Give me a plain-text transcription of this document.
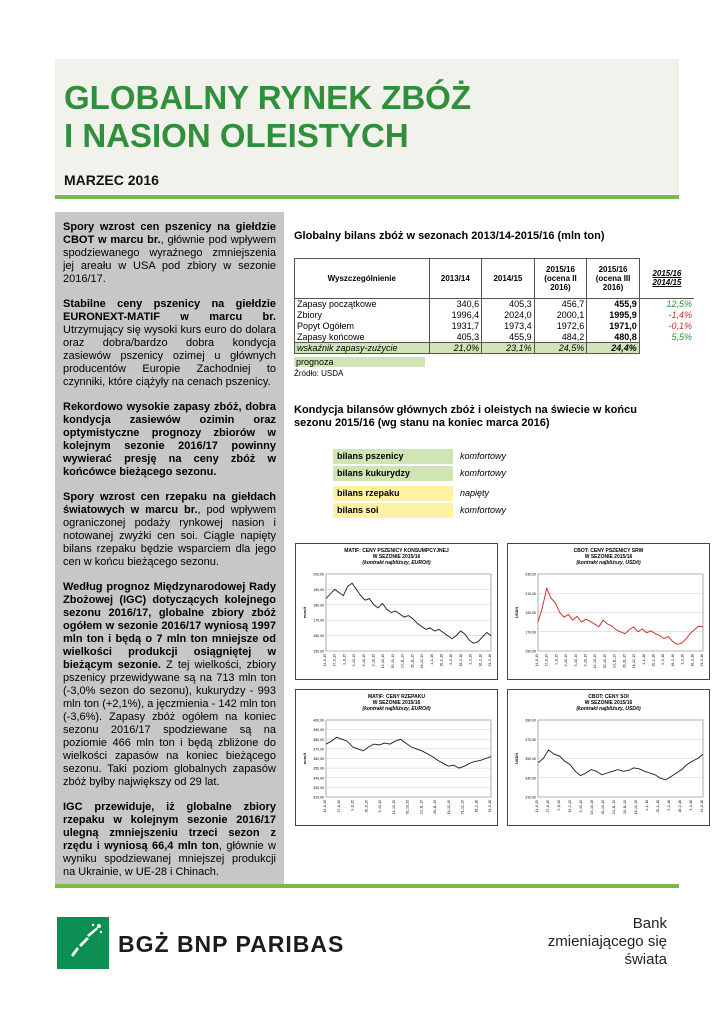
GLOBALNY RYNEK ZBÓŻ
I NASION OLEISTYCH
MARZEC 2016

Spory wzrost cen pszenicy na giełdzie CBOT w marcu br., głównie pod wpływem spodziewanego wyraźnego zmniejszenia jej areału w USA pod zbiory w sezonie 2016/17.

Stabilne ceny pszenicy na giełdzie EURONEXT-MATIF w marcu br. Utrzymujący się wysoki kurs euro do dolara oraz dobra/bardzo dobra kondycja zasiewów pszenicy ozimej u głównych producentów Europie Zachodniej to czynniki, które ciążyły na cenach pszenicy.

Rekordowo wysokie zapasy zbóż, dobra kondycja zasiewów ozimin oraz optymistyczne prognozy zbiorów w kolejnym sezonie 2016/17 powinny wywierać presję na ceny zbóż w końcówce bieżącego sezonu.

Spory wzrost cen rzepaku na giełdach światowych w marcu br., pod wpływem ograniczonej podaży rynkowej nasion i notowanej zwyżki cen soi. Ciągle napięty bilans rzepaku będzie wsparciem dla jego cen w końcu bieżącego sezonu.

Według prognoz Międzynarodowej Rady Zbożowej (IGC) dotyczących kolejnego sezonu 2016/17, globalne zbiory zbóż ogółem w sezonie 2016/17 wyniosą 1997 mln ton i będą o 7 mln ton mniejsze od wielkości produkcji osiągniętej w bieżącym sezonie. Z tej wielkości, zbiory pszenicy przewidywane są na 713 mln ton (-3,0% sezon do sezonu), kukurydzy - 993 mln ton (+2,1%), a jęczmienia - 142 mln ton (-3,6%). Zapasy zbóż ogółem na koniec sezonu 2016/17 spodziewane są na poziomie 466 mln ton i będą zbliżone do wielkości zapasów na koniec bieżącego sezonu. Taki poziom globalnych zapasów zbóż byłby największy od 29 lat.

IGC przewiduje, iż globalne zbiory rzepaku w kolejnym sezonie 2016/17 ulegną zmniejszeniu trzeci sezon z rzędu i wyniosą 66,4 mln ton, głównie w wyniku spodziewanej mniejszej produkcji na Ukrainie, w UE-28 i Chinach.

Globalny bilans zbóż w sezonach 2013/14-2015/16 (mln ton)
Wyszczególnienie	2013/14	2014/15	2015/16 (ocena II 2016)	2015/16 (ocena III 2016)	2015/16 2014/15
Zapasy początkowe	340,6	405,3	456,7	455,9	12,5%
Zbiory	1996,4	2024,0	2000,1	1995,9	-1,4%
Popyt Ogółem	1931,7	1973,4	1972,6	1971,0	-0,1%
Zapasy końcowe	405,3	455,9	484,2	480,8	5,5%
wskaźnik zapasy-zużycie	21,0%	23,1%	24,5%	24,4%	
prognoza
Źródło: USDA
Kondycja bilansów głównych zbóż i oleistych na świecie w końcu sezonu 2015/16 (wg stanu na koniec marca 2016)
bilans pszenicy	komfortowy
bilans kukurydzy	komfortowy
bilans rzepaku	napięty
bilans soi	komfortowy
200,00
190,00
180,00
170,00
160,00
150,00
euro/t
14.,6.,15 27.,6.,15 9.,8.,15 9.,10.,15 5.,10.,15 3.,10.,15 15.,10.,15 30.,10.,15 13.,11.,15 26.,11.,15 16.,12.,15 4.,1.,16 20.,1.,16 5.,2.,16 18.,2.,16 3.,3.,16 16.,3.,16 31.,3.,16
MATIF: CENY PSZENICY KONSUMPCYJNEJ
W SEZONIE 2015/16
(kontrakt najbliższy, EURO/t)
230,00
210,00
190,00
170,00
150,00
USD/t
14.,6.,15 27.,6.,15 9.,8.,15 9.,10.,15 5.,10.,15 3.,10.,15 15.,10.,15 30.,10.,15 13.,11.,15 26.,11.,15 16.,12.,15 4.,1.,16 20.,1.,16 5.,2.,16 18.,2.,16 3.,3.,16 16.,3.,16 31.,3.,16
CBOT: CENY PSZENICY SRW
W SEZONIE 2015/16
(kontrakt najbliższy, USD/t)
400,00
390,00
380,00
370,00
360,00
350,00
340,00
330,00
320,00
euro/t
14.,6.,15	27.,6.,15	9.,8.,15	20.,8.,15	5.,10.,15	15.,10.,15	30.,10.,15	13.,11.,15	26.,11.,15	16.,12.,15	31.,12.,15	18.,2.,16	31.,3.,16
MATIF: CENY RZEPAKU
W SEZONIE 2015/16
(kontrakt najbliższy, EURO/t)
390,00
370,00
350,00
330,00
310,00
USD/t
14.,6.,15 27.,6.,15 9.,8.,15 15.,9.,15 5.,10.,15 15.,10.,15 30.,10.,15 13.,11.,15 26.,11.,15 16.,12.,15 4.,1.,16 20.,1.,16 5.,2.,16 18.,2.,16 3.,3.,16 31.,3.,16
CBOT: CENY SOI
W SEZONIE 2015/16
(kontrakt najbliższy, USD/t)
BGŻ BNP PARIBAS
Bank
zmieniającego się
świata
